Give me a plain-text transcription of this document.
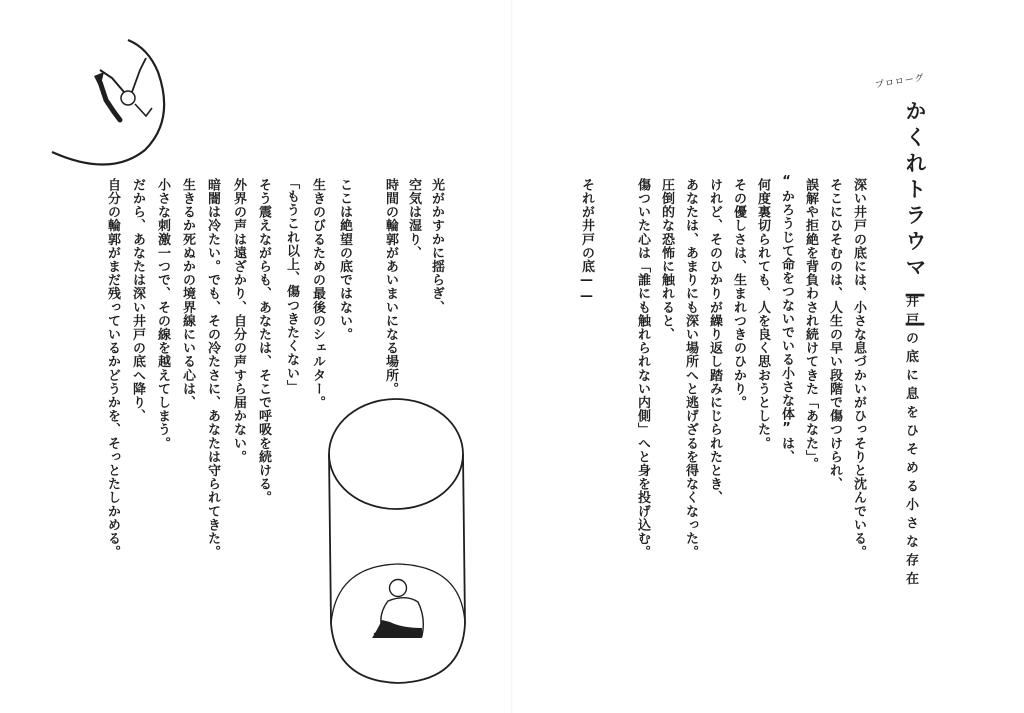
光がかすかに揺らぎ、
空気は湿り、
時間の輪郭があいまいになる場所。
ここは絶望の底ではない。
生きのびるための最後のシェルター。
「もうこれ以上、傷つきたくない」
そう震えながらも、あなたは、そこで呼吸を続ける。
外界の声は遠ざかり、自分の声すら届かない。
暗闇は冷たい。でも、その冷たさに、あなたは守られてきた。
生きるか死ぬかの境界線にいる心は、
小さな刺激一つで、その線を越えてしまう。
だから、あなたは深い井戸の底へ降り、
自分の輪郭がまだ残っているかどうかを、そっとたしかめる。
プロローグ
かくれトラウマ——
井戸の底に息をひそめる小さな存在
深い井戸の底には、小さな息づかいがひっそりと沈んでいる。
そこにひそむのは、人生の早い段階で傷つけられ、
誤解や拒絶を背負わされ続けてきた「あなた」。
“かろうじて命をつないでいる小さな体”は、
何度裏切られても、人を良く思おうとした。
その優しさは、生まれつきのひかり。
けれど、そのひかりが繰り返し踏みにじられたとき、
あなたは、あまりにも深い場所へと逃げざるを得なくなった。
圧倒的な恐怖に触れると、
傷ついた心は「誰にも触れられない内側」へと身を投げ込む。
それが井戸の底——
